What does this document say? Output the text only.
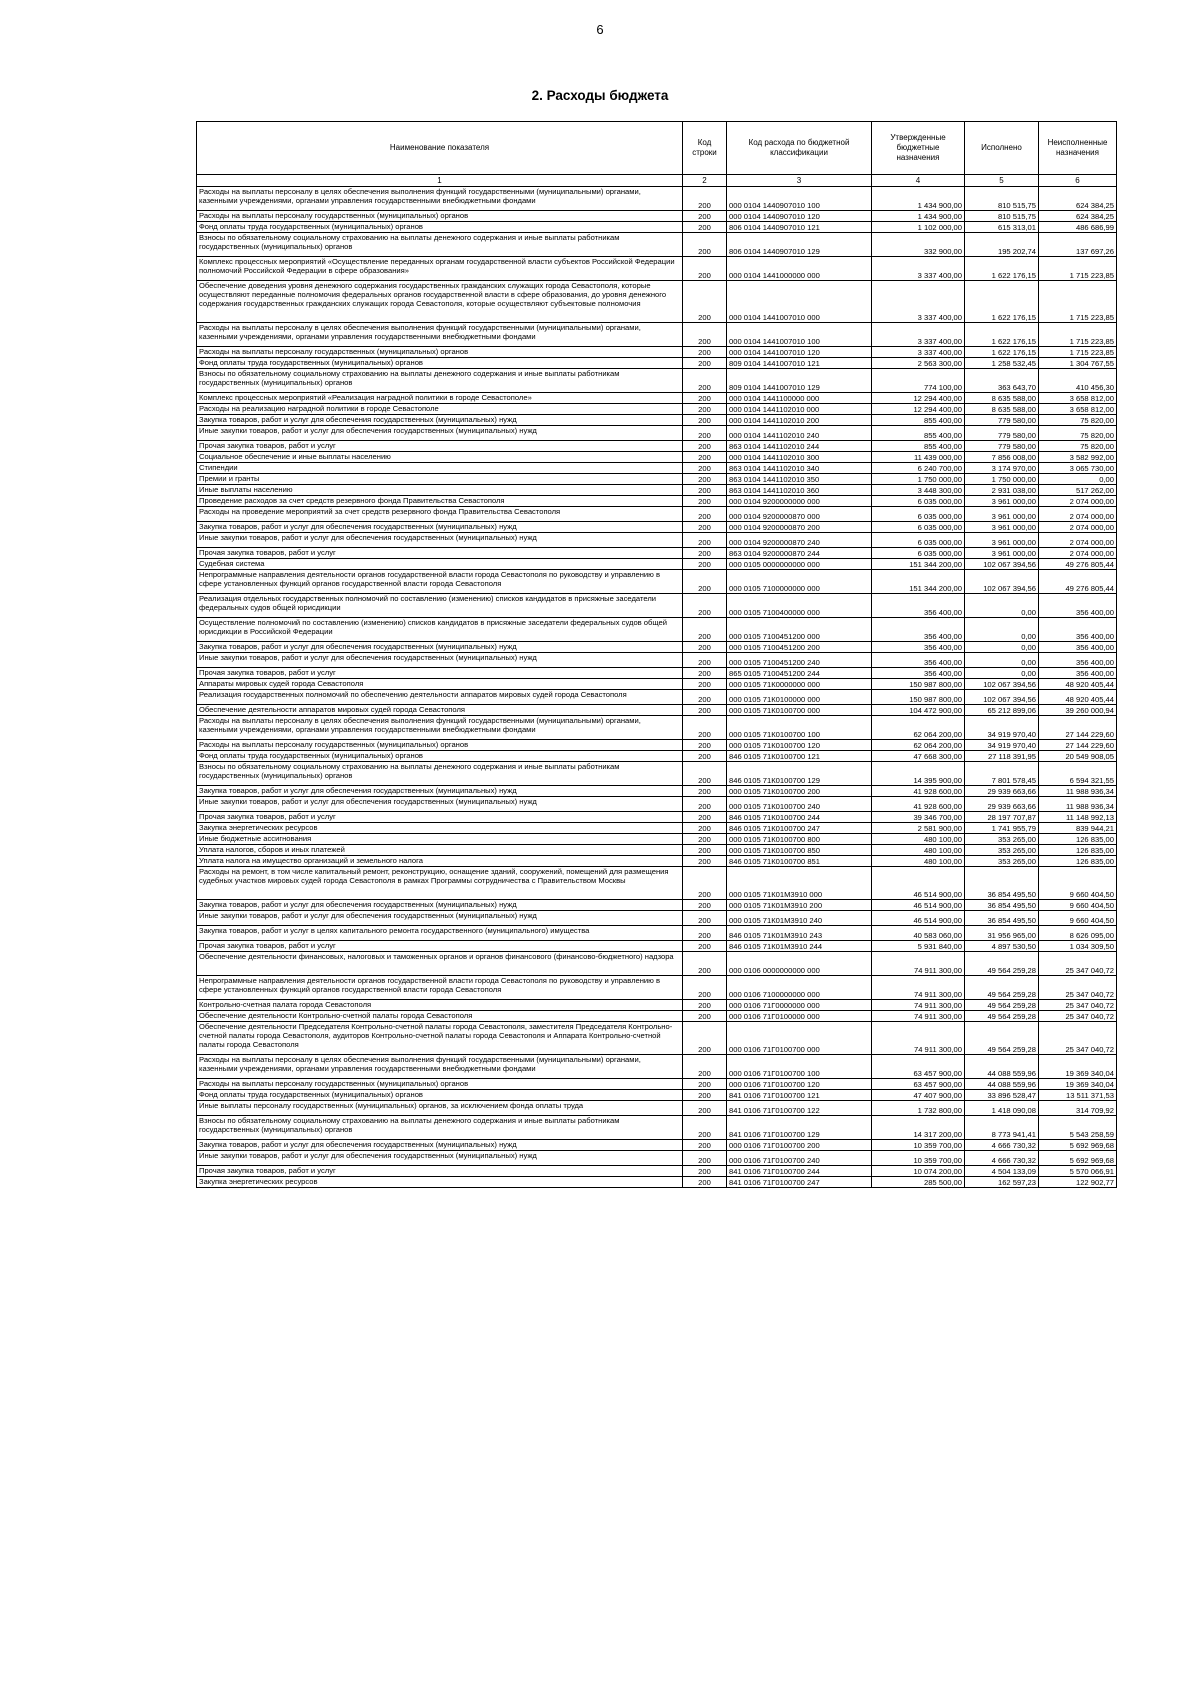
6
2. Расходы бюджета
Наименование показателя	Код строки	Код расхода по бюджетной классификации	Утвержденные бюджетные назначения	Исполнено	Неисполненные назначения
1	2	3	4	5	6
Расходы на выплаты персоналу в целях обеспечения выполнения функций государственными (муниципальными) органами, казенными учреждениями, органами управления государственными внебюджетными фондами	200	000 0104 1440907010 100	1 434 900,00	810 515,75	624 384,25
Расходы на выплаты персоналу государственных (муниципальных) органов	200	000 0104 1440907010 120	1 434 900,00	810 515,75	624 384,25
Фонд оплаты труда государственных (муниципальных) органов	200	806 0104 1440907010 121	1 102 000,00	615 313,01	486 686,99
Взносы по обязательному социальному страхованию на выплаты денежного содержания и иные выплаты работникам государственных (муниципальных) органов	200	806 0104 1440907010 129	332 900,00	195 202,74	137 697,26
Комплекс процессных мероприятий «Осуществление переданных органам государственной власти субъектов Российской Федерации полномочий Российской Федерации в сфере образования»	200	000 0104 1441000000 000	3 337 400,00	1 622 176,15	1 715 223,85
Обеспечение доведения уровня денежного содержания государственных гражданских служащих города Севастополя, которые осуществляют переданные полномочия федеральных органов государственной власти в сфере образования, до уровня денежного содержания государственных гражданских служащих города Севастополя, которые осуществляют субъектовые полномочия	200	000 0104 1441007010 000	3 337 400,00	1 622 176,15	1 715 223,85
Расходы на выплаты персоналу в целях обеспечения выполнения функций государственными (муниципальными) органами, казенными учреждениями, органами управления государственными внебюджетными фондами	200	000 0104 1441007010 100	3 337 400,00	1 622 176,15	1 715 223,85
Расходы на выплаты персоналу государственных (муниципальных) органов	200	000 0104 1441007010 120	3 337 400,00	1 622 176,15	1 715 223,85
Фонд оплаты труда государственных (муниципальных) органов	200	809 0104 1441007010 121	2 563 300,00	1 258 532,45	1 304 767,55
Взносы по обязательному социальному страхованию на выплаты денежного содержания и иные выплаты работникам государственных (муниципальных) органов	200	809 0104 1441007010 129	774 100,00	363 643,70	410 456,30
Комплекс процессных мероприятий «Реализация наградной политики в городе Севастополе»	200	000 0104 1441100000 000	12 294 400,00	8 635 588,00	3 658 812,00
Расходы на реализацию наградной политики в городе Севастополе	200	000 0104 1441102010 000	12 294 400,00	8 635 588,00	3 658 812,00
Закупка товаров, работ и услуг для обеспечения государственных (муниципальных) нужд	200	000 0104 1441102010 200	855 400,00	779 580,00	75 820,00
Иные закупки товаров, работ и услуг для обеспечения государственных (муниципальных) нужд	200	000 0104 1441102010 240	855 400,00	779 580,00	75 820,00
Прочая закупка товаров, работ и услуг	200	863 0104 1441102010 244	855 400,00	779 580,00	75 820,00
Социальное обеспечение и иные выплаты населению	200	000 0104 1441102010 300	11 439 000,00	7 856 008,00	3 582 992,00
Стипендии	200	863 0104 1441102010 340	6 240 700,00	3 174 970,00	3 065 730,00
Премии и гранты	200	863 0104 1441102010 350	1 750 000,00	1 750 000,00	0,00
Иные выплаты населению	200	863 0104 1441102010 360	3 448 300,00	2 931 038,00	517 262,00
Проведение расходов за счет средств резервного фонда Правительства Севастополя	200	000 0104 9200000000 000	6 035 000,00	3 961 000,00	2 074 000,00
Расходы на проведение мероприятий за счет средств резервного фонда Правительства Севастополя	200	000 0104 9200000870 000	6 035 000,00	3 961 000,00	2 074 000,00
Закупка товаров, работ и услуг для обеспечения государственных (муниципальных) нужд	200	000 0104 9200000870 200	6 035 000,00	3 961 000,00	2 074 000,00
Иные закупки товаров, работ и услуг для обеспечения государственных (муниципальных) нужд	200	000 0104 9200000870 240	6 035 000,00	3 961 000,00	2 074 000,00
Прочая закупка товаров, работ и услуг	200	863 0104 9200000870 244	6 035 000,00	3 961 000,00	2 074 000,00
Судебная система	200	000 0105 0000000000 000	151 344 200,00	102 067 394,56	49 276 805,44
Непрограммные направления деятельности органов государственной власти города Севастополя по руководству и управлению в сфере установленных функций органов государственной власти города Севастополя	200	000 0105 7100000000 000	151 344 200,00	102 067 394,56	49 276 805,44
Реализация отдельных государственных полномочий по составлению (изменению) списков кандидатов в присяжные заседатели федеральных судов общей юрисдикции	200	000 0105 7100400000 000	356 400,00	0,00	356 400,00
Осуществление полномочий по составлению (изменению) списков кандидатов в присяжные заседатели федеральных судов общей юрисдикции в Российской Федерации	200	000 0105 7100451200 000	356 400,00	0,00	356 400,00
Закупка товаров, работ и услуг для обеспечения государственных (муниципальных) нужд	200	000 0105 7100451200 200	356 400,00	0,00	356 400,00
Иные закупки товаров, работ и услуг для обеспечения государственных (муниципальных) нужд	200	000 0105 7100451200 240	356 400,00	0,00	356 400,00
Прочая закупка товаров, работ и услуг	200	865 0105 7100451200 244	356 400,00	0,00	356 400,00
Аппараты мировых судей города Севастополя	200	000 0105 71К0000000 000	150 987 800,00	102 067 394,56	48 920 405,44
Реализация государственных полномочий по обеспечению деятельности аппаратов мировых судей города Севастополя	200	000 0105 71К0100000 000	150 987 800,00	102 067 394,56	48 920 405,44
Обеспечение деятельности аппаратов мировых судей города Севастополя	200	000 0105 71К0100700 000	104 472 900,00	65 212 899,06	39 260 000,94
Расходы на выплаты персоналу в целях обеспечения выполнения функций государственными (муниципальными) органами, казенными учреждениями, органами управления государственными внебюджетными фондами	200	000 0105 71К0100700 100	62 064 200,00	34 919 970,40	27 144 229,60
Расходы на выплаты персоналу государственных (муниципальных) органов	200	000 0105 71К0100700 120	62 064 200,00	34 919 970,40	27 144 229,60
Фонд оплаты труда государственных (муниципальных) органов	200	846 0105 71К0100700 121	47 668 300,00	27 118 391,95	20 549 908,05
Взносы по обязательному социальному страхованию на выплаты денежного содержания и иные выплаты работникам государственных (муниципальных) органов	200	846 0105 71К0100700 129	14 395 900,00	7 801 578,45	6 594 321,55
Закупка товаров, работ и услуг для обеспечения государственных (муниципальных) нужд	200	000 0105 71К0100700 200	41 928 600,00	29 939 663,66	11 988 936,34
Иные закупки товаров, работ и услуг для обеспечения государственных (муниципальных) нужд	200	000 0105 71К0100700 240	41 928 600,00	29 939 663,66	11 988 936,34
Прочая закупка товаров, работ и услуг	200	846 0105 71К0100700 244	39 346 700,00	28 197 707,87	11 148 992,13
Закупка энергетических ресурсов	200	846 0105 71К0100700 247	2 581 900,00	1 741 955,79	839 944,21
Иные бюджетные ассигнования	200	000 0105 71К0100700 800	480 100,00	353 265,00	126 835,00
Уплата налогов, сборов и иных платежей	200	000 0105 71К0100700 850	480 100,00	353 265,00	126 835,00
Уплата налога на имущество организаций и земельного налога	200	846 0105 71К0100700 851	480 100,00	353 265,00	126 835,00
Расходы на ремонт, в том числе капитальный ремонт, реконструкцию, оснащение зданий, сооружений, помещений для размещения судебных участков мировых судей города Севастополя в рамках Программы сотрудничества с Правительством Москвы	200	000 0105 71К01М3910 000	46 514 900,00	36 854 495,50	9 660 404,50
Закупка товаров, работ и услуг для обеспечения государственных (муниципальных) нужд	200	000 0105 71К01М3910 200	46 514 900,00	36 854 495,50	9 660 404,50
Иные закупки товаров, работ и услуг для обеспечения государственных (муниципальных) нужд	200	000 0105 71К01М3910 240	46 514 900,00	36 854 495,50	9 660 404,50
Закупка товаров, работ и услуг в целях капитального ремонта государственного (муниципального) имущества	200	846 0105 71К01М3910 243	40 583 060,00	31 956 965,00	8 626 095,00
Прочая закупка товаров, работ и услуг	200	846 0105 71К01М3910 244	5 931 840,00	4 897 530,50	1 034 309,50
Обеспечение деятельности финансовых, налоговых и таможенных органов и органов финансового (финансово-бюджетного) надзора	200	000 0106 0000000000 000	74 911 300,00	49 564 259,28	25 347 040,72
Непрограммные направления деятельности органов государственной власти города Севастополя по руководству и управлению в сфере установленных функций органов государственной власти города Севастополя	200	000 0106 7100000000 000	74 911 300,00	49 564 259,28	25 347 040,72
Контрольно-счетная палата города Севастополя	200	000 0106 71Г0000000 000	74 911 300,00	49 564 259,28	25 347 040,72
Обеспечение деятельности Контрольно-счетной палаты города Севастополя	200	000 0106 71Г0100000 000	74 911 300,00	49 564 259,28	25 347 040,72
Обеспечение деятельности Председателя Контрольно-счетной палаты города Севастополя, заместителя Председателя Контрольно-счетной палаты города Севастополя, аудиторов Контрольно-счетной палаты города Севастополя и Аппарата Контрольно-счетной палаты города Севастополя	200	000 0106 71Г0100700 000	74 911 300,00	49 564 259,28	25 347 040,72
Расходы на выплаты персоналу в целях обеспечения выполнения функций государственными (муниципальными) органами, казенными учреждениями, органами управления государственными внебюджетными фондами	200	000 0106 71Г0100700 100	63 457 900,00	44 088 559,96	19 369 340,04
Расходы на выплаты персоналу государственных (муниципальных) органов	200	000 0106 71Г0100700 120	63 457 900,00	44 088 559,96	19 369 340,04
Фонд оплаты труда государственных (муниципальных) органов	200	841 0106 71Г0100700 121	47 407 900,00	33 896 528,47	13 511 371,53
Иные выплаты персоналу государственных (муниципальных) органов, за исключением фонда оплаты труда	200	841 0106 71Г0100700 122	1 732 800,00	1 418 090,08	314 709,92
Взносы по обязательному социальному страхованию на выплаты денежного содержания и иные выплаты работникам государственных (муниципальных) органов	200	841 0106 71Г0100700 129	14 317 200,00	8 773 941,41	5 543 258,59
Закупка товаров, работ и услуг для обеспечения государственных (муниципальных) нужд	200	000 0106 71Г0100700 200	10 359 700,00	4 666 730,32	5 692 969,68
Иные закупки товаров, работ и услуг для обеспечения государственных (муниципальных) нужд	200	000 0106 71Г0100700 240	10 359 700,00	4 666 730,32	5 692 969,68
Прочая закупка товаров, работ и услуг	200	841 0106 71Г0100700 244	10 074 200,00	4 504 133,09	5 570 066,91
Закупка энергетических ресурсов	200	841 0106 71Г0100700 247	285 500,00	162 597,23	122 902,77
